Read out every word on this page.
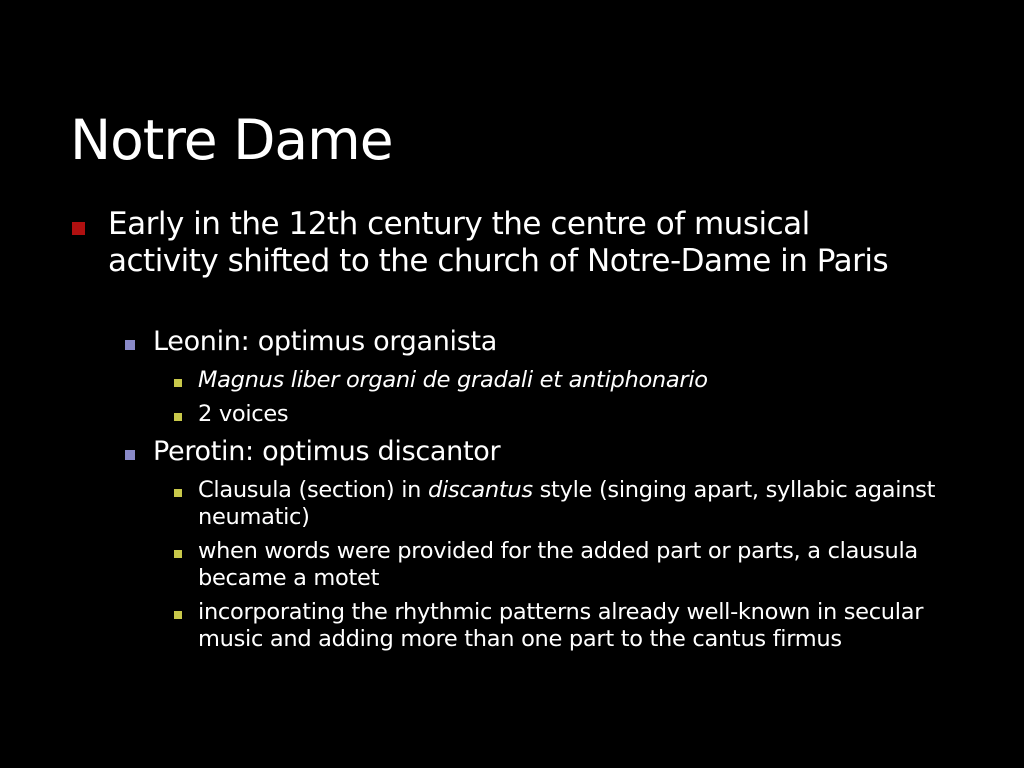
Notre Dame
Early in the 12th century the centre of musical activity shifted to the church of Notre-Dame in Paris
Leonin: optimus organista
Magnus liber organi de gradali et antiphonario
2 voices
Perotin: optimus discantor
Clausula (section) in discantus style (singing apart, syllabic against neumatic)
when words were provided for the added part or parts, a clausula became a motet
incorporating the rhythmic patterns already well-known in secular music and adding more than one part to the cantus firmus
